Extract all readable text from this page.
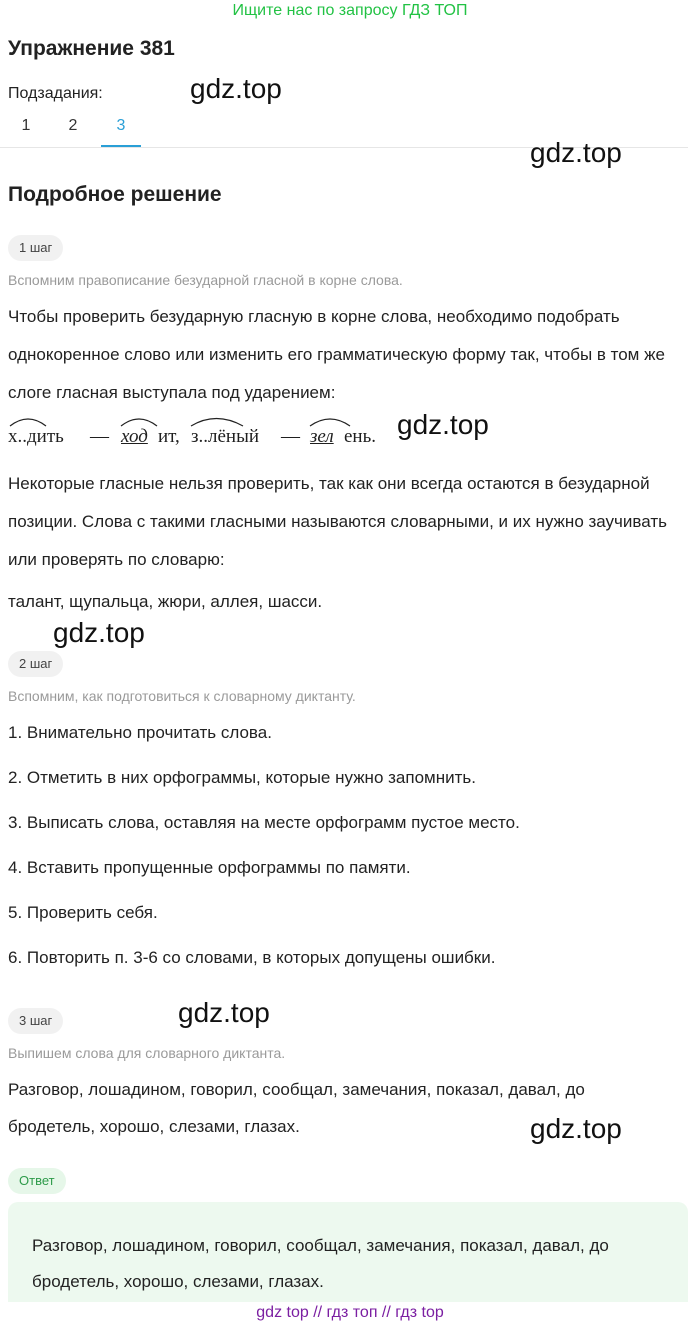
Ищите нас по запросу ГДЗ ТОП
Упражнение 381
Подзадания:	gdz.top
1	2	3
gdz.top
Подробное решение
1 шаг
Вспомним правописание безударной гласной в корне слова.
Чтобы проверить безударную гласную в корне слова, необходимо подобрать однокоренное слово или изменить его грамматическую форму так, чтобы в том же слоге гласная выступала под ударением:
х..дить — ход ит, з..лёный — зел ень. gdz.top
Некоторые гласные нельзя проверить, так как они всегда остаются в безударной позиции. Слова с такими гласными называются словарными, и их нужно заучивать или проверять по словарю:
талант, щупальца, жюри, аллея, шасси.
gdz.top
2 шаг
Вспомним, как подготовиться к словарному диктанту.
1. Внимательно прочитать слова.
2. Отметить в них орфограммы, которые нужно запомнить.
3. Выписать слова, оставляя на месте орфограмм пустое место.
4. Вставить пропущенные орфограммы по памяти.
5. Проверить себя.
6. Повторить п. 3-6 со словами, в которых допущены ошибки.
3 шаг	gdz.top
Выпишем слова для словарного диктанта.
Разговор, лошадином, говорил, сообщал, замечания, показал, давал, до
бродетель, хорошо, слезами, глазах.	gdz.top
Ответ
Разговор, лошадином, говорил, сообщал, замечания, показал, давал, до
бродетель, хорошо, слезами, глазах.
gdz top // гдз топ // гдз top
